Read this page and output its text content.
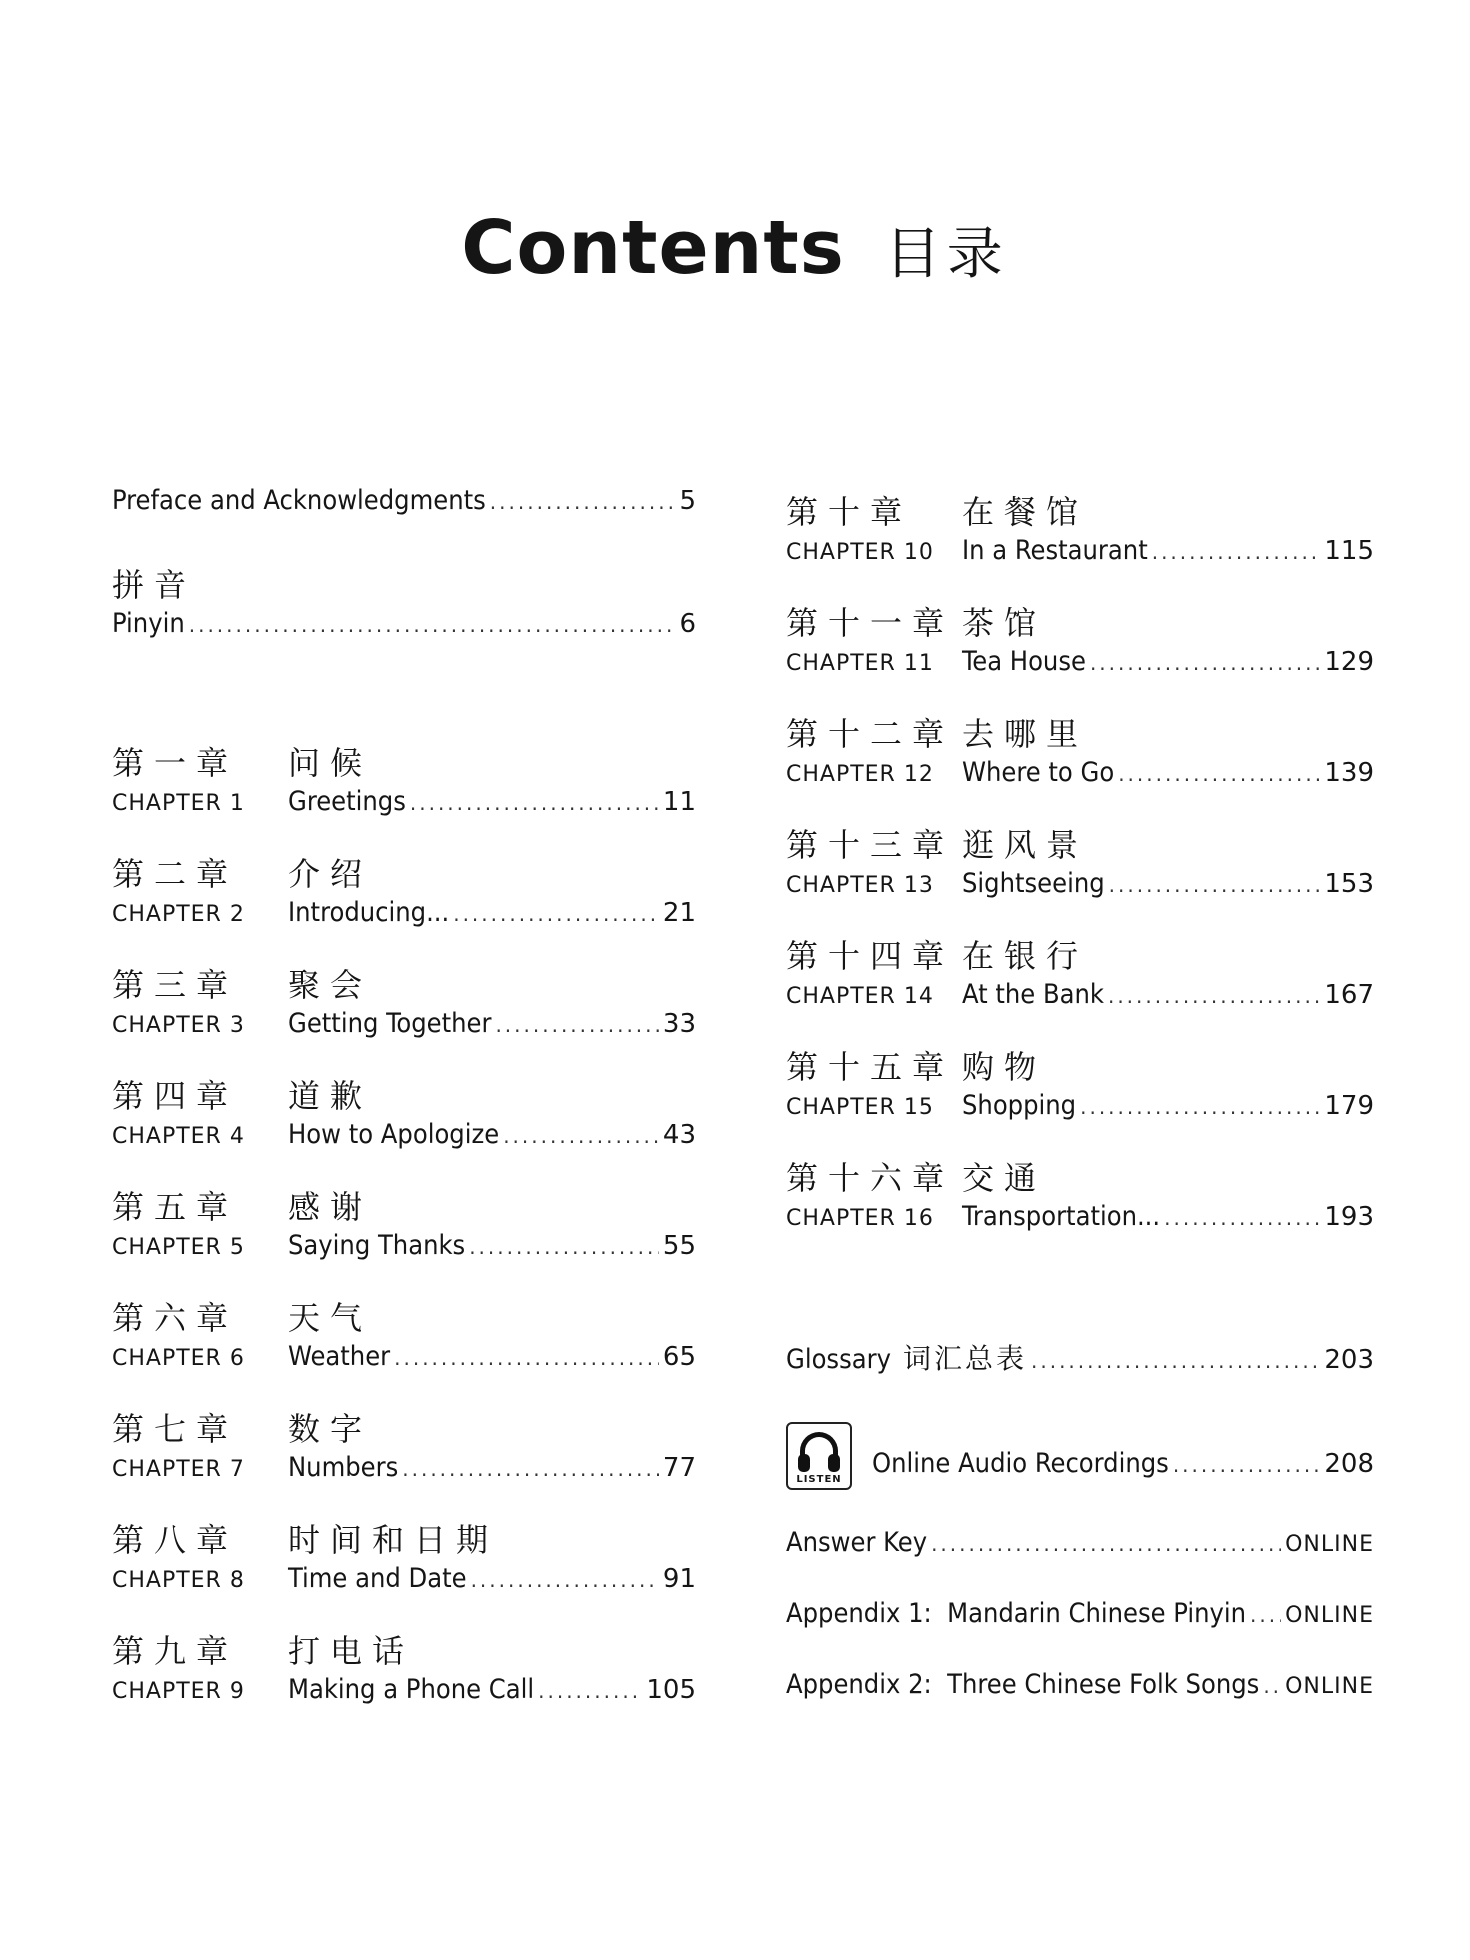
Contents 目录
Preface and Acknowledgments .....	5
拼音
Pinyin .....	6
第一章 问候
CHAPTER 1	Greetings .....	11
第二章 介绍
CHAPTER 2	Introducing... .....	21
第三章 聚会
CHAPTER 3	Getting Together .....	33
第四章 道歉
CHAPTER 4	How to Apologize .....	43
第五章 感谢
CHAPTER 5	Saying Thanks .....	55
第六章 天气
CHAPTER 6	Weather .....	65
第七章 数字
CHAPTER 7	Numbers .....	77
第八章 时间和日期
CHAPTER 8	Time and Date .....	91
第九章 打电话
CHAPTER 9	Making a Phone Call .....	105
第十章 在餐馆
CHAPTER 10	In a Restaurant .....	115
第十一章 茶馆
CHAPTER 11	Tea House .....	129
第十二章 去哪里
CHAPTER 12	Where to Go .....	139
第十三章 逛风景
CHAPTER 13	Sightseeing .....	153
第十四章 在银行
CHAPTER 14	At the Bank .....	167
第十五章 购物
CHAPTER 15	Shopping .....	179
第十六章 交通
CHAPTER 16	Transportation... .....	193
Glossary 词汇总表 .....	203
LISTEN
Online Audio Recordings .....	208
Answer Key .....	ONLINE
Appendix 1:  Mandarin Chinese Pinyin ..... ONLINE
Appendix 2:  Three Chinese Folk Songs ..... ONLINE
